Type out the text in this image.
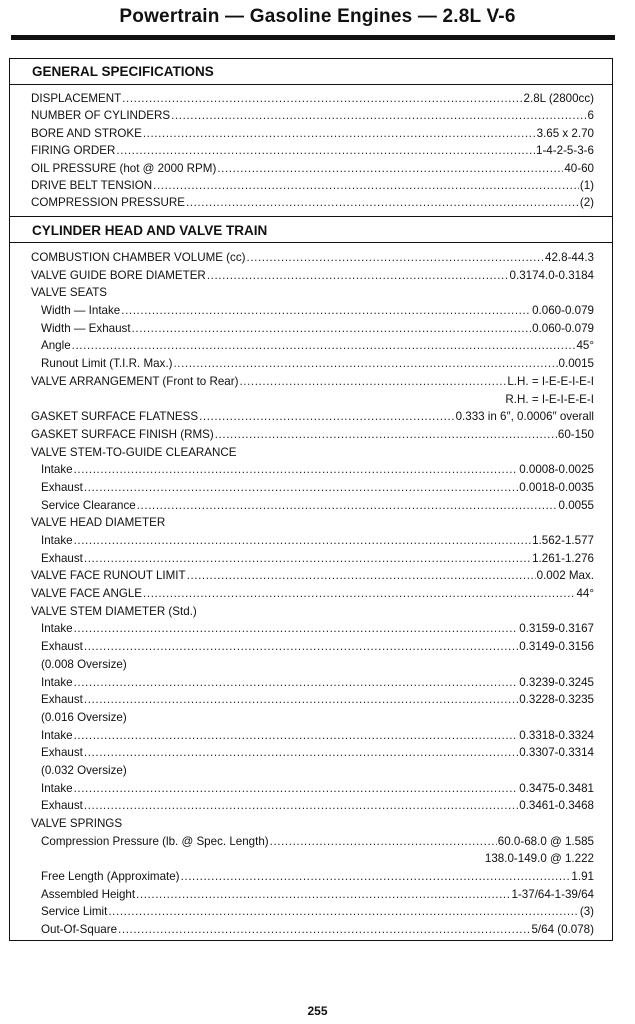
Powertrain — Gasoline Engines — 2.8L V-6
GENERAL SPECIFICATIONS
DISPLACEMENT .....	2.8L (2800cc)
NUMBER OF CYLINDERS .....	6
BORE AND STROKE .....	3.65 x 2.70
FIRING ORDER .....	1-4-2-5-3-6
OIL PRESSURE (hot @ 2000 RPM) .....	40-60
DRIVE BELT TENSION .....	(1)
COMPRESSION PRESSURE .....	(2)
CYLINDER HEAD AND VALVE TRAIN
COMBUSTION CHAMBER VOLUME (cc) .....	42.8-44.3
VALVE GUIDE BORE DIAMETER .....	0.3174.0-0.3184
VALVE SEATS
Width — Intake .....	0.060-0.079
Width — Exhaust .....	0.060-0.079
Angle .....	45°
Runout Limit (T.I.R. Max.) .....	0.0015
VALVE ARRANGEMENT (Front to Rear) .....	L.H. = I-E-E-I-E-I
R.H. = I-E-I-E-E-I
GASKET SURFACE FLATNESS .....	0.333 in 6″, 0.0006″ overall
GASKET SURFACE FINISH (RMS) .....	60-150
VALVE STEM-TO-GUIDE CLEARANCE
Intake .....	0.0008-0.0025
Exhaust .....	0.0018-0.0035
Service Clearance .....	0.0055
VALVE HEAD DIAMETER
Intake .....	1.562-1.577
Exhaust .....	1.261-1.276
VALVE FACE RUNOUT LIMIT .....	0.002 Max.
VALVE FACE ANGLE .....	44°
VALVE STEM DIAMETER (Std.)
Intake .....	0.3159-0.3167
Exhaust .....	0.3149-0.3156
(0.008 Oversize)
Intake .....	0.3239-0.3245
Exhaust .....	0.3228-0.3235
(0.016 Oversize)
Intake .....	0.3318-0.3324
Exhaust .....	0.3307-0.3314
(0.032 Oversize)
Intake .....	0.3475-0.3481
Exhaust .....	0.3461-0.3468
VALVE SPRINGS
Compression Pressure (lb. @ Spec. Length) .....	60.0-68.0 @ 1.585
138.0-149.0 @ 1.222
Free Length (Approximate) .....	1.91
Assembled Height .....	1-37/64-1-39/64
Service Limit .....	(3)
Out-Of-Square .....	5/64 (0.078)
255
